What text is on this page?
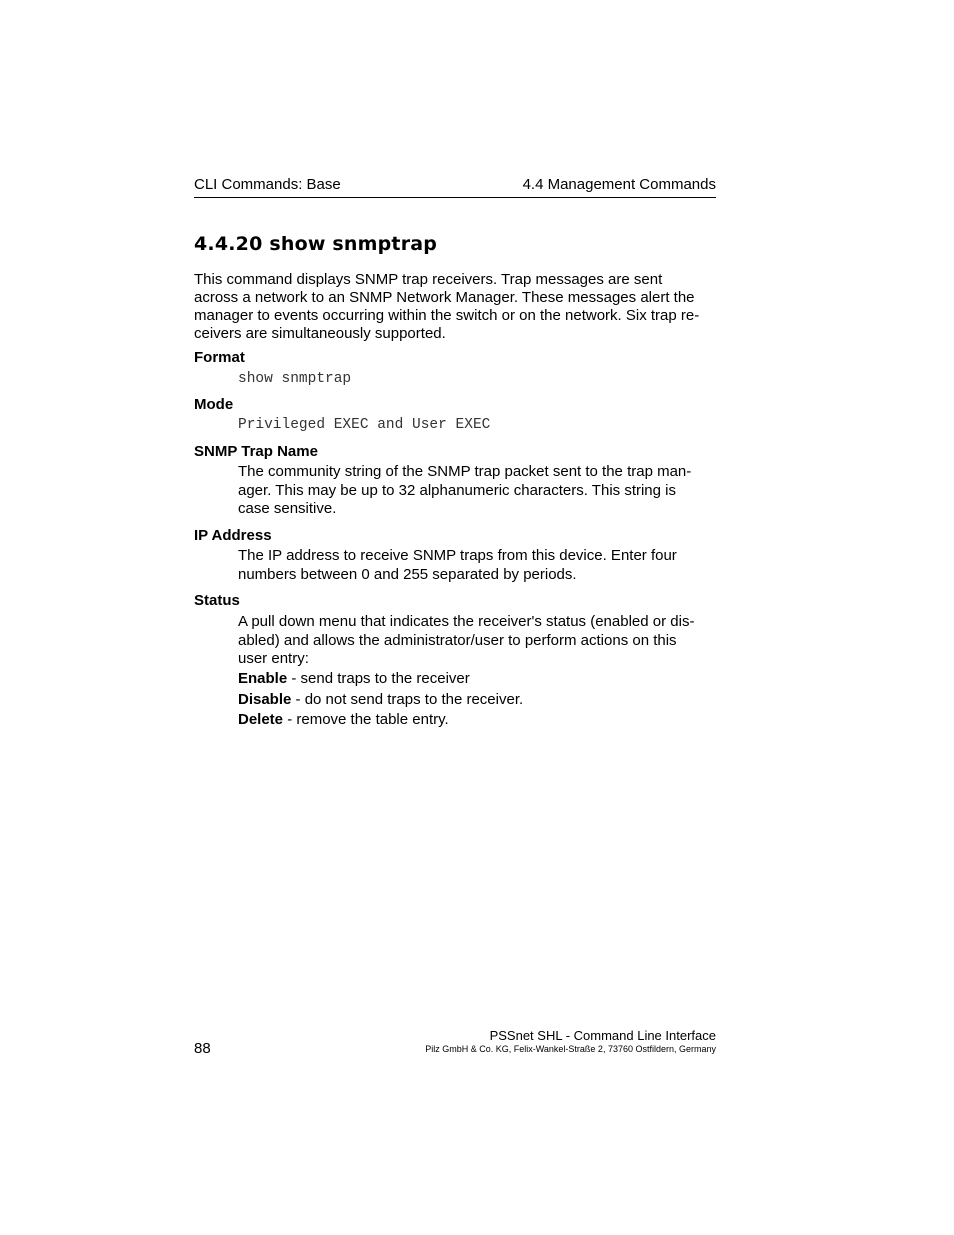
CLI Commands: Base	4.4 Management Commands
4.4.20 show snmptrap

This command displays SNMP trap receivers. Trap messages are sent
across a network to an SNMP Network Manager. These messages alert the
manager to events occurring within the switch or on the network. Six trap re-
ceivers are simultaneously supported.

Format
show snmptrap
Mode
Privileged EXEC and User EXEC
SNMP Trap Name

The community string of the SNMP trap packet sent to the trap man-
ager. This may be up to 32 alphanumeric characters. This string is
case sensitive.

IP Address

The IP address to receive SNMP traps from this device. Enter four
numbers between 0 and 255 separated by periods.

Status

A pull down menu that indicates the receiver's status (enabled or dis-
abled) and allows the administrator/user to perform actions on this
user entry:

Enable - send traps to the receiver
Disable - do not send traps to the receiver.
Delete - remove the table entry.
88
PSSnet SHL - Command Line Interface
Pilz GmbH & Co. KG, Felix-Wankel-Straße 2, 73760 Ostfildern, Germany
